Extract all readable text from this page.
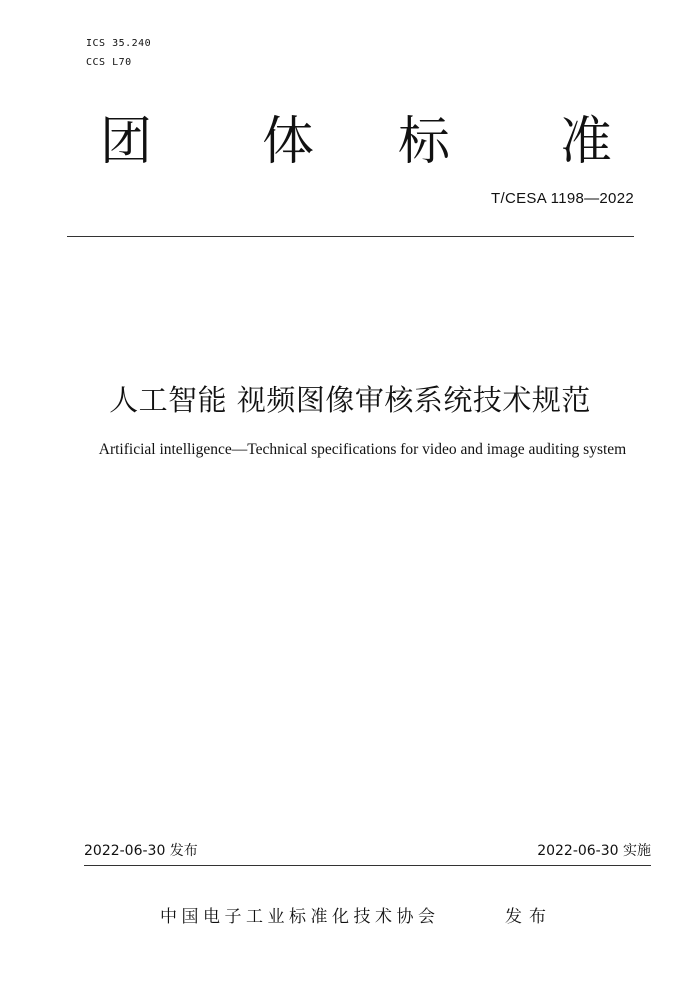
ICS 35.240
CCS L70
团 体 标 准
T/CESA 1198—2022
人工智能 视频图像审核系统技术规范
Artificial intelligence—Technical specifications for video and image auditing system
2022-06-30 发布	2022-06-30 实施
中国电子工业标准化技术协会	发布
